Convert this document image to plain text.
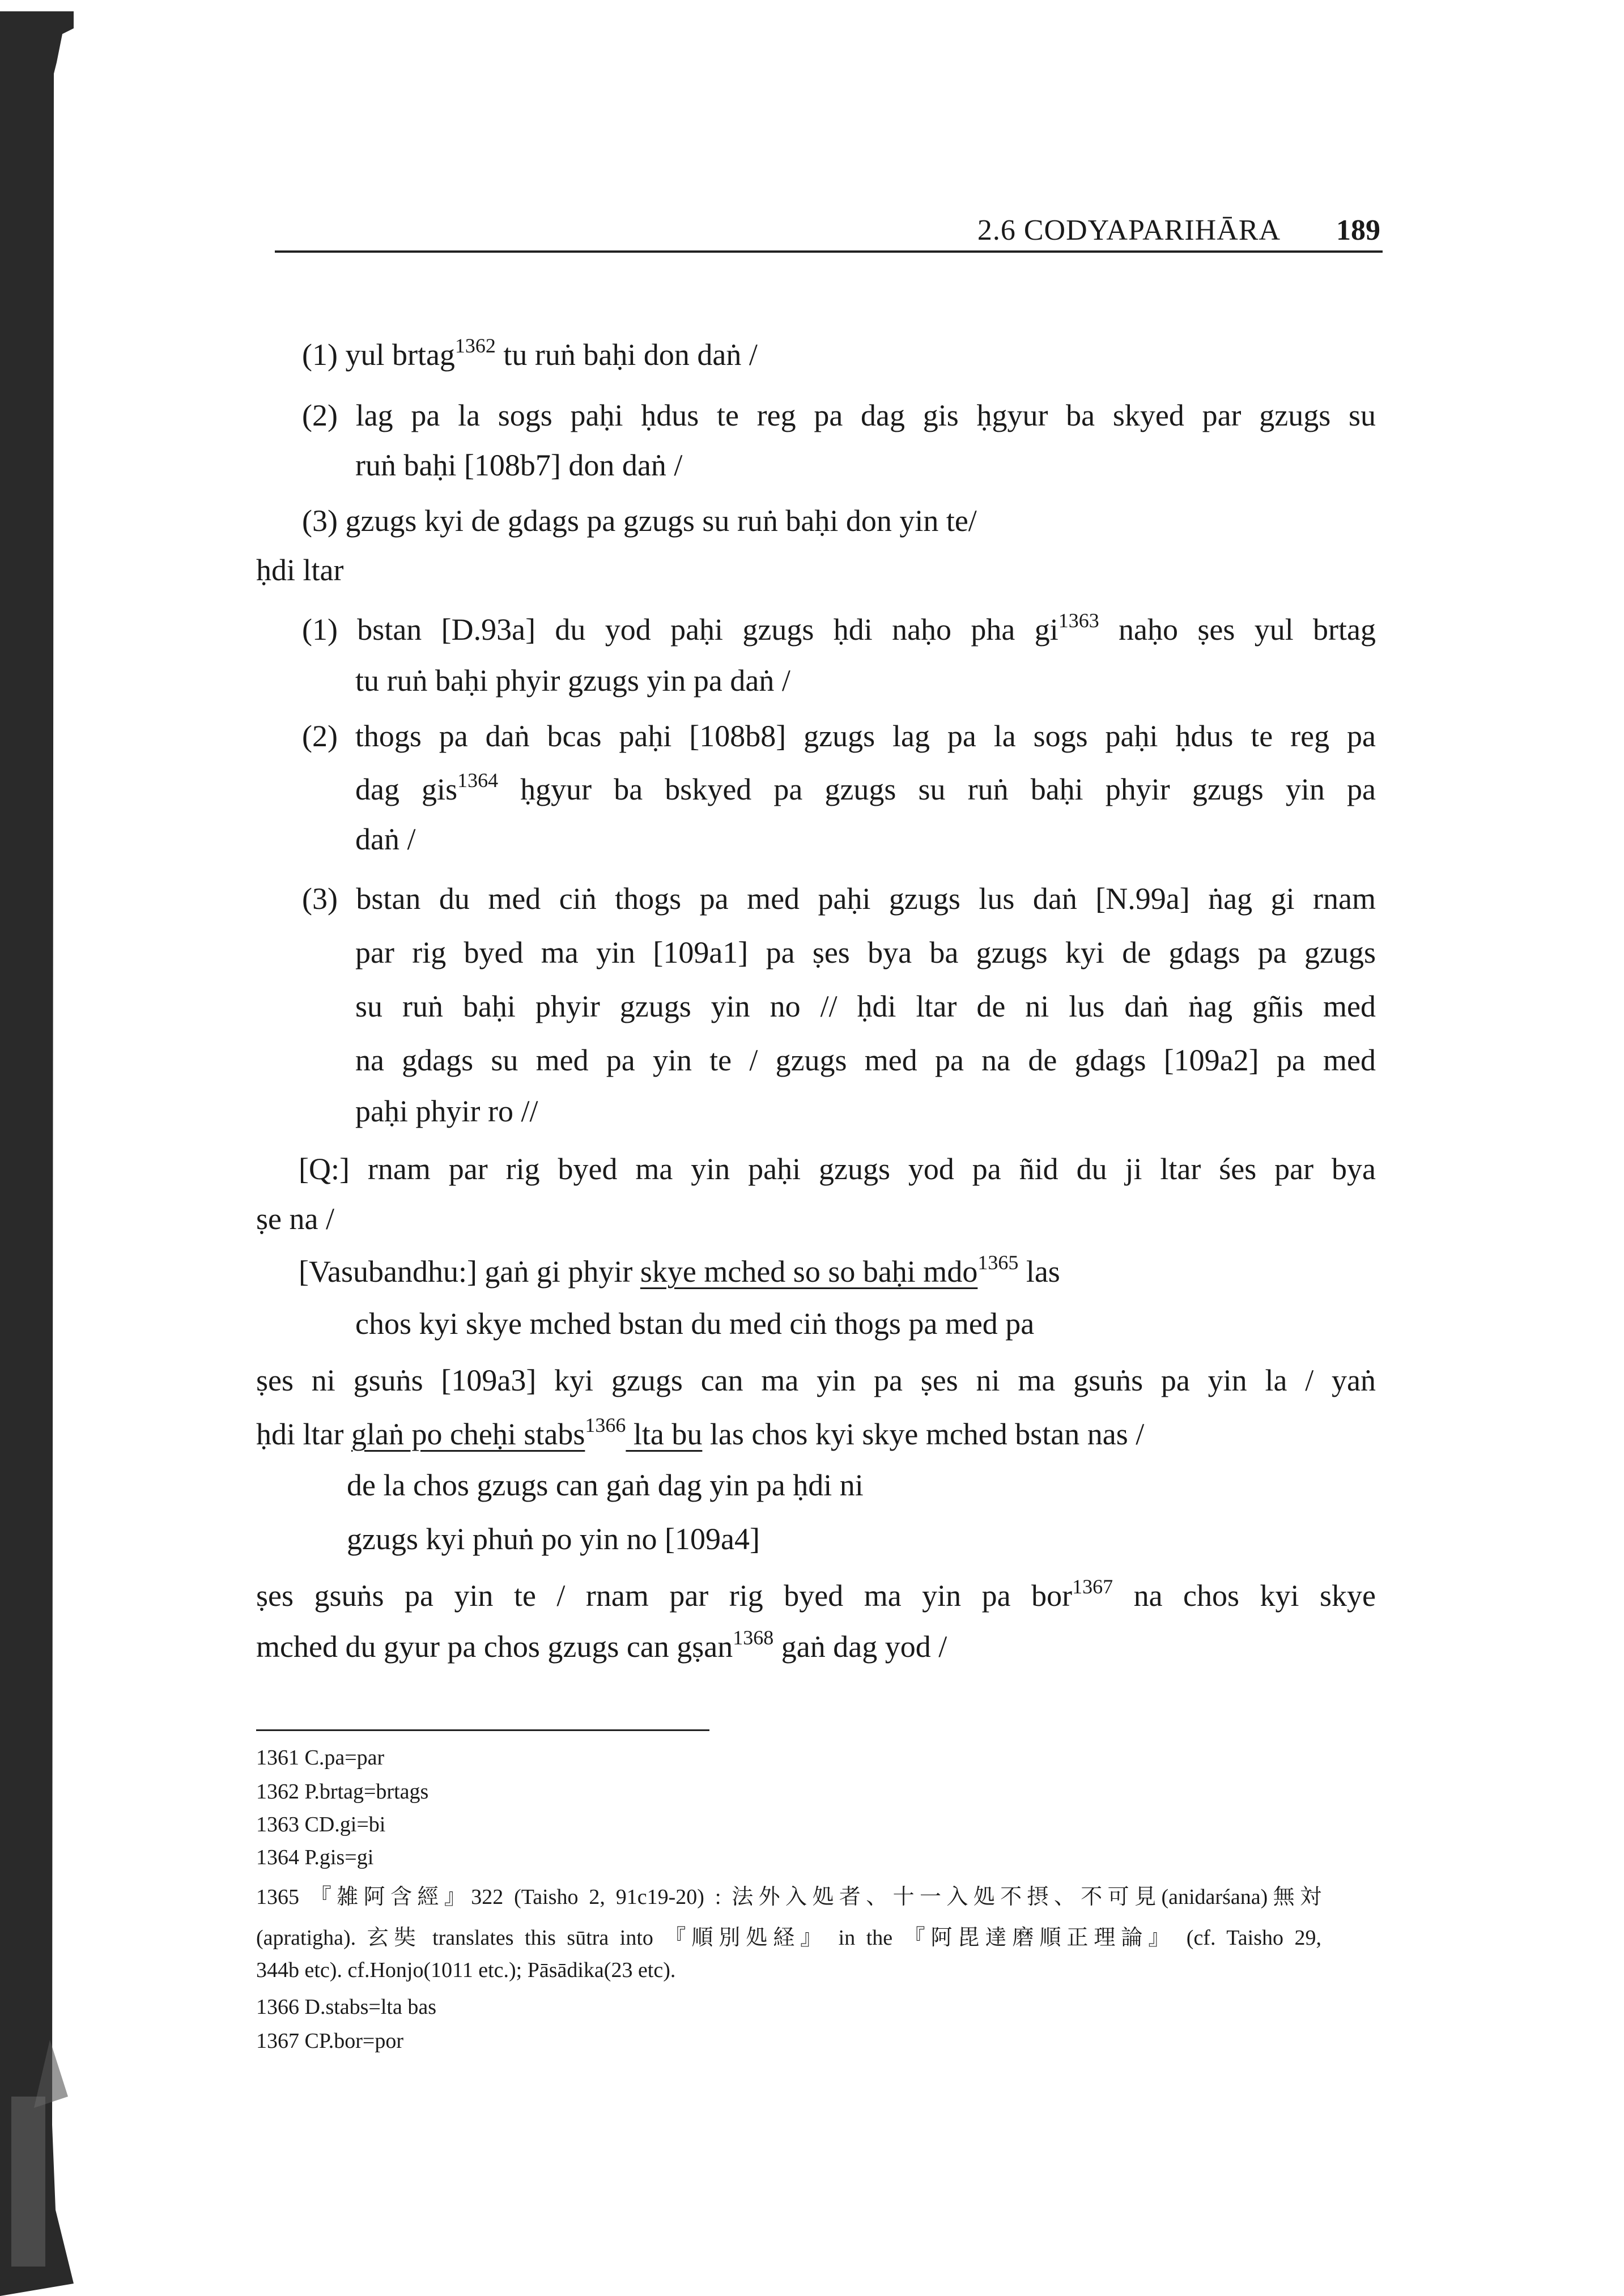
2.6 CODYAPARIHĀRA 189
(1) yul brtag$^{1362}$ tu ruṅ baḥi don daṅ /
(2) lag pa la sogs paḥi ḥdus te reg pa dag gis ḥgyur ba skyed par gzugs su
ruṅ baḥi [108b7] don daṅ /
(3) gzugs kyi de gdags pa gzugs su ruṅ baḥi don yin te/
ḥdi ltar
(1) bstan [D.93a] du yod paḥi gzugs ḥdi naḥo pha $gi^{1363}$ naḥo ṣes yul brtag
tu ruṅ baḥi phyir gzugs yin pa daṅ /
(2) thogs pa daṅ bcas paḥi [108b8] gzugs lag pa la sogs paḥi ḥdus te reg pa
dag gis$^{1364}$ ḥgyur ba bskyed pa gzugs su ruṅ baḥi phyir gzugs yin pa
daṅ /
(3) bstan du med ciṅ thogs pa med paḥi gzugs lus daṅ [N.99a] ṅag gi rnam
par rig byed ma yin [109a1] pa ṣes bya ba gzugs kyi de gdags pa gzugs
su ruṅ baḥi phyir gzugs yin no // ḥdi ltar de ni lus daṅ ṅag gñis med
na gdags su med pa yin te / gzugs med pa na de gdags [109a2] pa med
paḥi phyir ro //
[Q:] rnam par rig byed ma yin paḥi gzugs yod pa ñid du ji ltar śes par bya
ṣe na /
[Vasubandhu:] gaṅ gi phyir skye mched so so baḥi mdo$^{1365}$ las
chos kyi skye mched bstan du med ciṅ thogs pa med pa
ṣes ni gsuṅs [109a3] kyi gzugs can ma yin pa ṣes ni ma gsuṅs pa yin la / yaṅ
ḥdi ltar glaṅ po cheḥi stabs$^{1366}$ lta bu las chos kyi skye mched bstan nas /
de la chos gzugs can gaṅ dag yin pa ḥdi ni
gzugs kyi phuṅ po yin no [109a4]
ṣes gsuṅs pa yin te / rnam par rig byed ma yin pa bor$^{1367}$ na chos kyi skye
mched du gyur pa chos gzugs can gṣan$^{1368}$ gaṅ dag yod /
1361 C.pa=par
1362 P.brtag=brtags
1363 CD.gi=bi
1364 P.gis=gi
1365 『雑阿含經』322 (Taisho 2, 91c19-20) : 法外入処者、十一入処不摂、不可見(anidarśana)無対
(apratigha). 玄奘 translates this sūtra into 『順別処経』 in the 『阿毘達磨順正理論』 (cf. Taisho 29,
344b etc). cf.Honjo(1011 etc.); Pāsādika(23 etc).
1366 D.stabs=lta bas
1367 CP.bor=por
